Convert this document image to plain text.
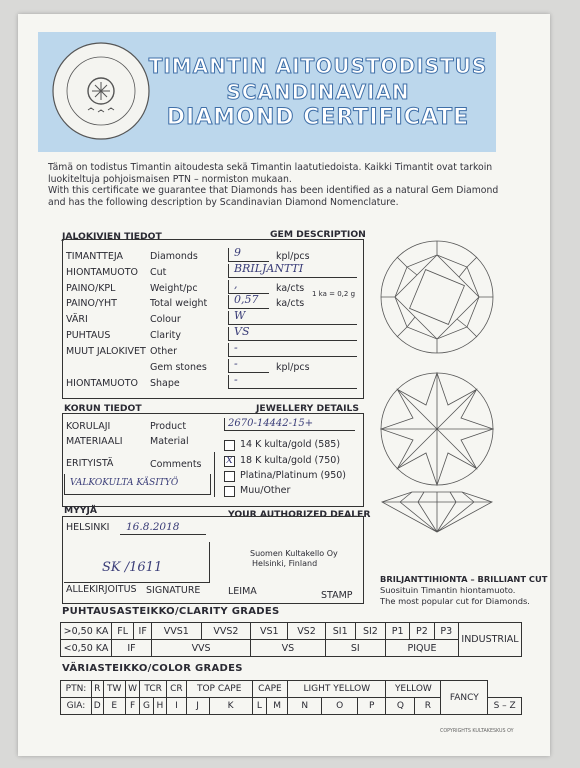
TIMANTIN AITOUSTODISTUS
SCANDINAVIAN
DIAMOND CERTIFICATE
Tämä on todistus Timantin aitoudesta sekä Timantin laatutiedoista. Kaikki Timantit ovat tarkoin
luokiteltuja pohjoismaisen PTN – normiston mukaan.
With this certificate we guarantee that Diamonds has been identified as a natural Gem Diamond
and has the following description by Scandinavian Diamond Nomenclature.
JALOKIVIEN TIEDOT	GEM DESCRIPTION
TIMANTTEJA	Diamonds	9	kpl/pcs
HIONTAMUOTO Cut	BRILJANTTI
PAINO/KPL	Weight/pc	,	ka/cts
PAINO/YHT	Total weight 0,57 ka/cts
VÄRI	Colour	W
PUHTAUS	Clarity	VS
MUUT JALOKIVET Other	-
Gem stones -	kpl/pcs
HIONTAMUOTO Shape	-
1 ka = 0,2 g
KORUN TIEDOT	JEWELLERY DETAILS
KORULAJI	Product	2670-14442-15+
MATERIAALI	Material
ERITYISTÄ	Comments
VALKOKULTA KÄSITYÖ
14 K kulta/gold (585)
x 18 K kulta/gold (750)
Platina/Platinum (950)
Muu/Other
MYYJÄ	YOUR AUTHORIZED DEALER
HELSINKI 16.8.2018
SK /1611
ALLEKIRJOITUS SIGNATURE	LEIMA	STAMP
Suomen Kultakello Oy
Helsinki, Finland
BRILJANTTIHIONTA – BRILLIANT CUT
Suosituin Timantin hiontamuoto.
The most popular cut for Diamonds.
PUHTAUSASTEIKKO/CLARITY GRADES
>0,50 KA	FL	IF	VVS1	VVS2	VS1	VS2	SI1	SI2	P1	P2	P3	INDUSTRIAL
<0,50 KA	IF		VVS		VS		SI		PIQUE			
VÄRIASTEIKKO/COLOR GRADES
PTN:	R	TW	W	TCR		CR	TOP CAPE		CAPE		LIGHT YELLOW			YELLOW		FANCY	
GIA:	D	E	F	G	H	I	J	K	L	M	N	O	P	Q	R		S – Z
COPYRIGHTS KULTAKESKUS OY
